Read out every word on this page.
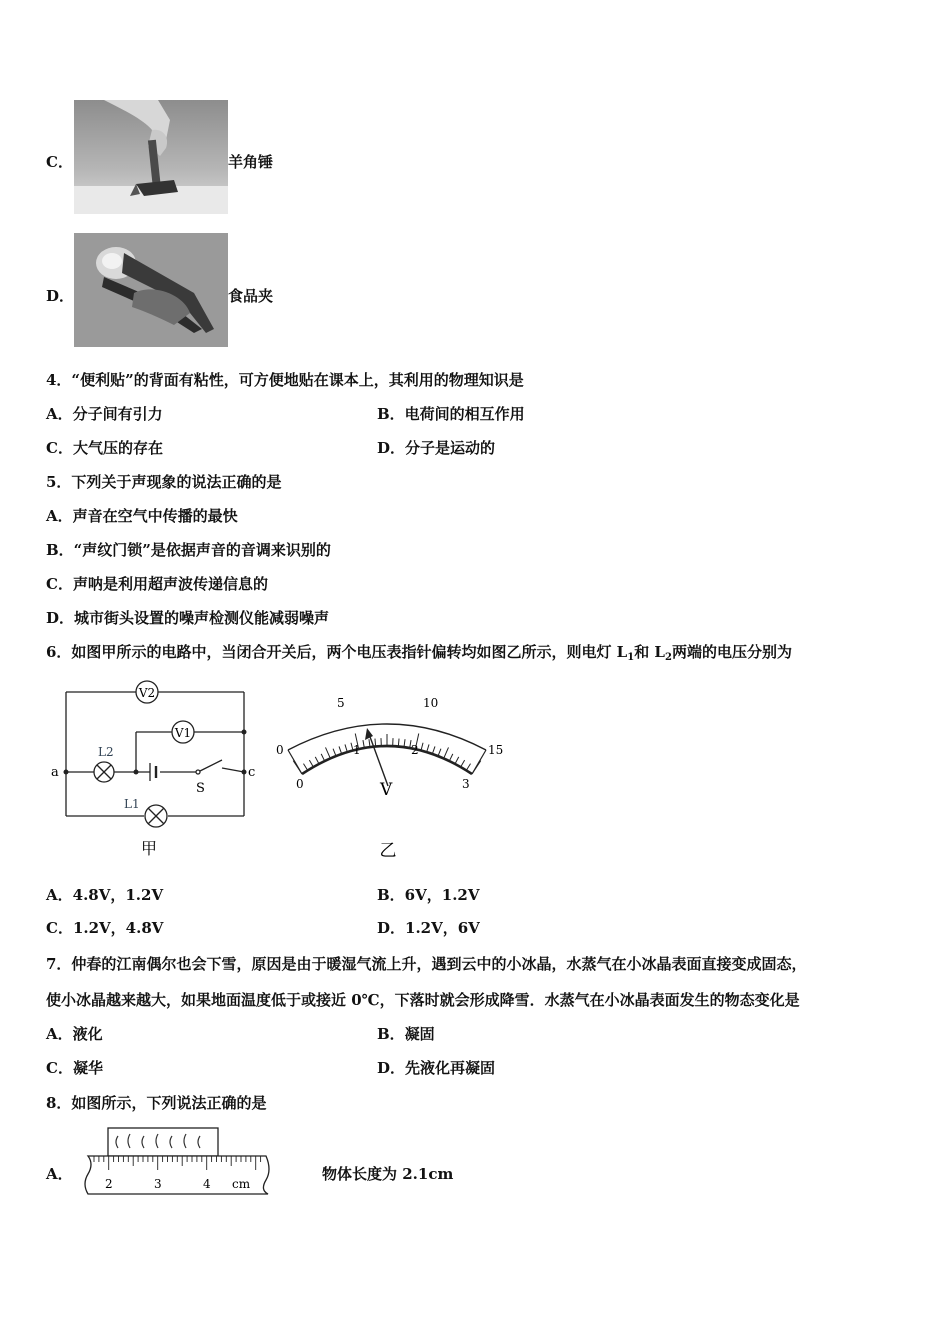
C．	羊角锤
D．	食品夹
4．“便利贴”的背面有粘性，可方便地贴在课本上，其利用的物理知识是
A．分子间有引力	B．电荷间的相互作用
C．大气压的存在	D．分子是运动的
5．下列关于声现象的说法正确的是
A．声音在空气中传播的最快
B．“声纹门锁”是依据声音的音调来识别的
C．声呐是利用超声波传递信息的
D．城市街头设置的噪声检测仪能减弱噪声
6．如图甲所示的电路中，当闭合开关后，两个电压表指针偏转均如图乙所示，则电灯 $L_1$和 $L_2$两端的电压分别为
V2
V1
L2
L1
a	c
S
甲
0
5	10
15
0
1	2
3
V
乙
A．4.8V，1.2V	B．6V，1.2V
C．1.2V，4.8V	D．1.2V，6V
7．仲春的江南偶尔也会下雪，原因是由于暖湿气流上升，遇到云中的小冰晶，水蒸气在小冰晶表面直接变成固态，
使小冰晶越来越大，如果地面温度低于或接近 0℃，下落时就会形成降雪．水蒸气在小冰晶表面发生的物态变化是
A．液化	B．凝固
C．凝华	D．先液化再凝固
8．如图所示，下列说法正确的是
A．
2	3	4 cm
物体长度为 2.1cm
